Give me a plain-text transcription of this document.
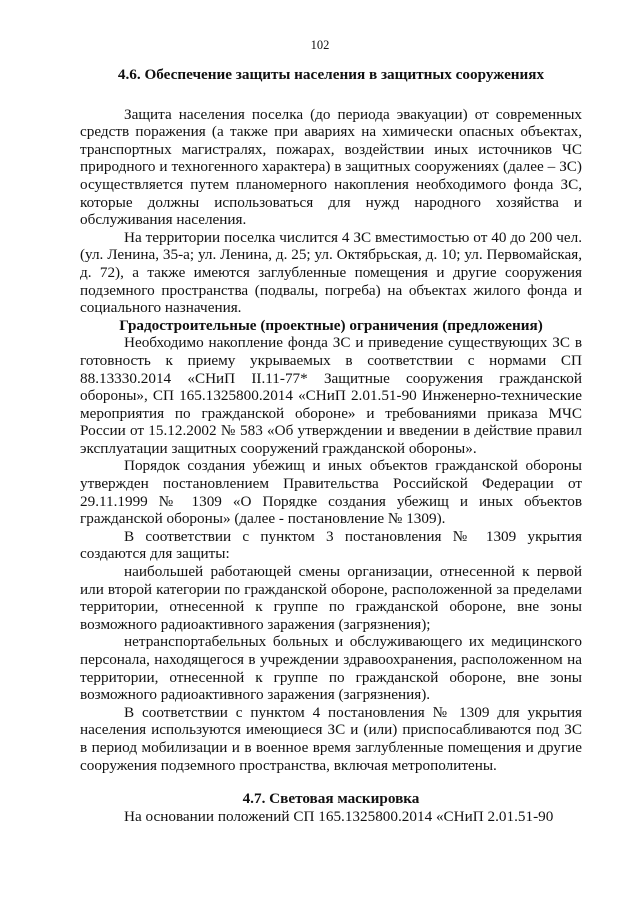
102
4.6. Обеспечение защиты населения в защитных сооружениях

Защита населения поселка (до периода эвакуации) от современных средств поражения (а также при авариях на химически опасных объектах, транспортных магистралях, пожарах, воздействии иных источников ЧС природного и техногенного характера) в защитных сооружениях (далее – ЗС) осуществляется путем планомерного накопления необходимого фонда ЗС, которые должны использоваться для нужд народного хозяйства и обслуживания населения.

На территории поселка числится 4 ЗС вместимостью от 40 до 200 чел. (ул. Ленина, 35-а; ул. Ленина, д. 25; ул. Октябрьская, д. 10; ул. Первомайская, д. 72), а также имеются заглубленные помещения и другие сооружения подземного пространства (подвалы, погреба) на объектах жилого фонда и социального назначения.

Градостроительные (проектные) ограничения (предложения)

Необходимо накопление фонда ЗС и приведение существующих ЗС в готовность к приему укрываемых в соответствии с нормами СП 88.13330.2014 «СНиП II.11-77* Защитные сооружения гражданской обороны», СП 165.1325800.2014 «СНиП 2.01.51-90 Инженерно-технические мероприятия по гражданской обороне» и требованиями приказа МЧС России от 15.12.2002 № 583 «Об утверждении и введении в действие правил эксплуатации защитных сооружений гражданской обороны».

Порядок создания убежищ и иных объектов гражданской обороны утвержден постановлением Правительства Российской Федерации от 29.11.1999 № 1309 «О Порядке создания убежищ и иных объектов гражданской обороны» (далее - постановление № 1309).

В соответствии с пунктом 3 постановления № 1309 укрытия создаются для защиты:

наибольшей работающей смены организации, отнесенной к первой или второй категории по гражданской обороне, расположенной за пределами территории, отнесенной к группе по гражданской обороне, вне зоны возможного радиоактивного заражения (загрязнения);

нетранспортабельных больных и обслуживающего их медицинского персонала, находящегося в учреждении здравоохранения, расположенном на территории, отнесенной к группе по гражданской обороне, вне зоны возможного радиоактивного заражения (загрязнения).

В соответствии с пунктом 4 постановления № 1309 для укрытия населения используются имеющиеся ЗС и (или) приспосабливаются под ЗС в период мобилизации и в военное время заглубленные помещения и другие сооружения подземного пространства, включая метрополитены.

4.7. Световая маскировка

На основании положений СП 165.1325800.2014 «СНиП 2.01.51-90
